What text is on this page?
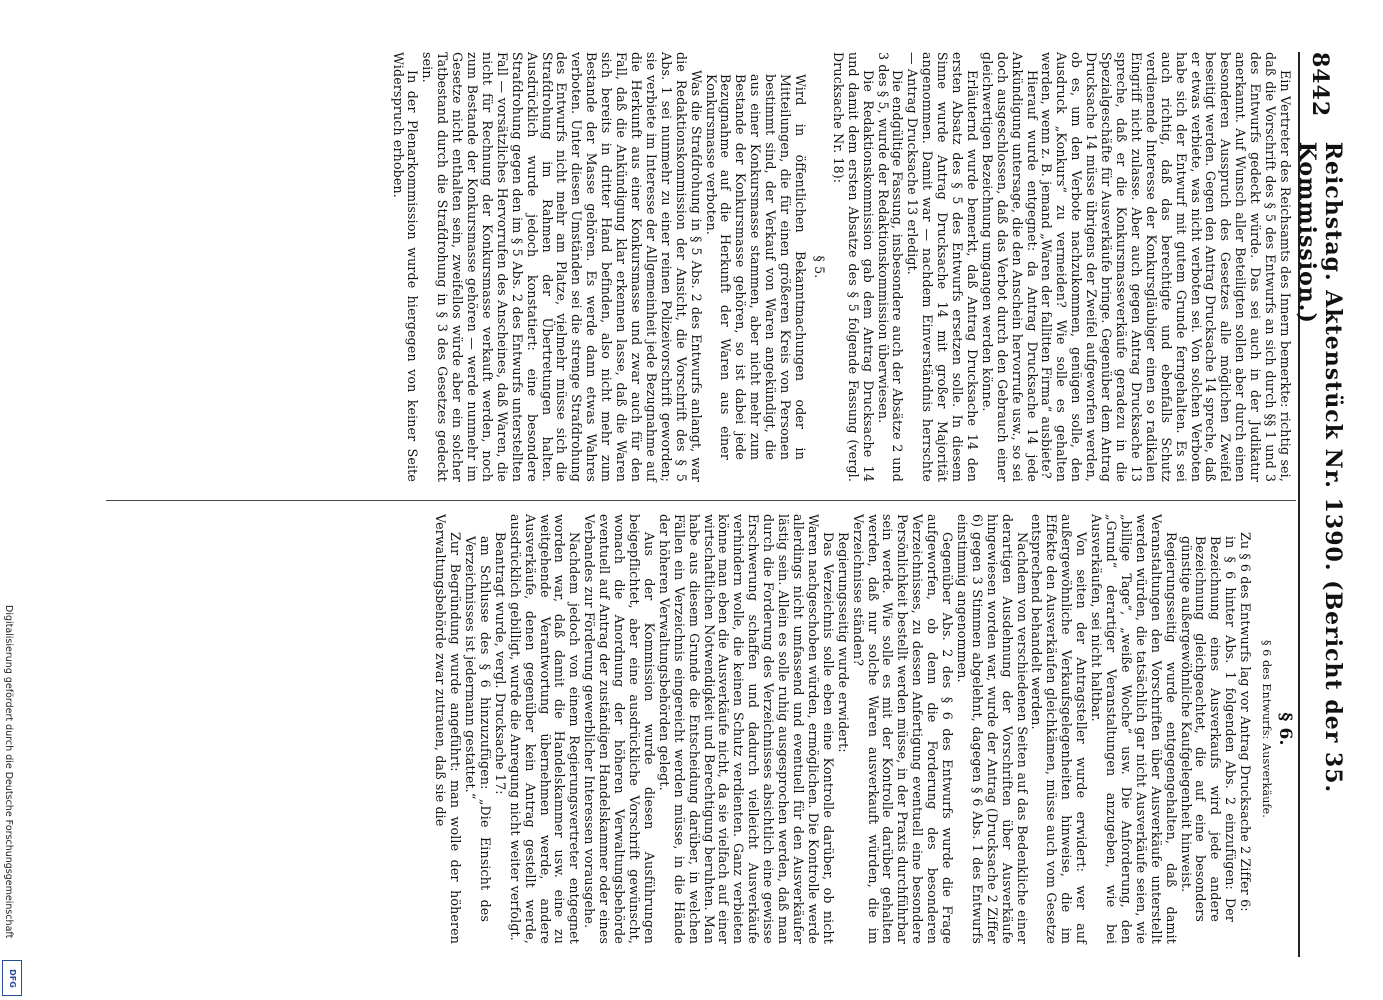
8442
Reichstag. Aktenstück Nr. 1390. (Bericht der 35. Kommission.)

Ein Vertreter des Reichsamts des Innern bemerkte: richtig sei, daß die Vorschrift des § 5 des Entwurfs an sich durch §§ 1 und 3 des Entwurfs gedeckt würde. Das sei auch in der Judikatur anerkannt. Auf Wunsch aller Beteiligten sollen aber durch einen besonderen Ausspruch des Gesetzes alle möglichen Zweifel beseitigt werden. Gegen den Antrag Drucksache 14 spreche, daß er etwas verbiete, was nicht verboten sei. Von solchen Verboten habe sich der Entwurf mit gutem Grunde ferngehalten. Es sei auch richtig, daß das berechtigte und ebenfalls Schutz verdienende Interesse der Konkursgläubiger einen so radikalen Eingriff nicht zulasse. Aber auch gegen Antrag Drucksache 13 spreche, daß er die Konkursmasseverkäufe geradezu in die Spezialgeschäfte für Ausverkäufe bringe. Gegenüber dem Antrag Drucksache 14 müsse übrigens der Zweifel aufgeworfen werden, ob es, um den Verbote nachzukommen, genügen solle, den Ausdruck „Konkurs“ zu vermeiden? Wie solle es gehalten werden, wenn z. B. jemand „Waren der fallitten Firma“ ausbiete?

Hierauf wurde entgegnet: da Antrag Drucksache 14 jede Ankündigung untersage, die den Anschein hervorrufe usw., so sei doch ausgeschlossen, daß das Verbot durch den Gebrauch einer gleichwertigen Bezeichnung umgangen werden könne.

Erläuternd wurde bemerkt, daß Antrag Drucksache 14 den ersten Absatz des § 5 des Entwurfs ersetzen solle. In diesem Sinne wurde Antrag Drucksache 14 mit großer Majorität angenommen. Damit war — nachdem Einverständnis herrschte — Antrag Drucksache 13 erledigt.

Die endgültige Fassung, insbesondere auch der Absätze 2 und 3 des § 5, wurde der Redaktionskommission überwiesen.

Die Redaktionskommission gab dem Antrag Drucksache 14 und damit dem ersten Absatze des § 5 folgende Fassung (vergl. Drucksache Nr. 18):

§ 5.

Wird in öffentlichen Bekanntmachungen oder in Mitteilungen, die für einen größeren Kreis von Personen bestimmt sind, der Verkauf von Waren angekündigt, die aus einer Konkursmasse stammen, aber nicht mehr zum Bestande der Konkursmasse gehören, so ist dabei jede Bezugnahme auf die Herkunft der Waren aus einer Konkursmasse verboten.

Was die Strafdrohung in § 5 Abs. 2 des Entwurfs anlangt, war die Redaktionskommission der Ansicht, die Vorschrift des § 5 Abs. 1 sei nunmehr zu einer reinen Polizeivorschrift geworden; sie verbiete im Interesse der Allgemeinheit jede Bezugnahme auf die Herkunft aus einer Konkursmasse und zwar auch für den Fall, daß die Ankündigung klar erkennen lasse, daß die Waren sich bereits in dritter Hand befinden, also nicht mehr zum Bestande der Masse gehören. Es werde dann etwas Wahres verboten. Unter diesen Umständen sei die strenge Strafdrohung des Entwurfs nicht mehr am Platze, vielmehr müsse sich die Strafdrohung im Rahmen der Übertretungen halten. Ausdrücklich wurde jedoch konstatiert: eine besondere Strafdrohung gegen den im § 5 Abs. 2 des Entwurfs unterstellten Fall — vorsätzliches Hervorrufen des Anscheines, daß Waren, die nicht für Rechnung der Konkursmasse verkauft werden, noch zum Bestande der Konkursmasse gehören — werde nunmehr im Gesetze nicht enthalten sein, zweifellos würde aber ein solcher Tatbestand durch die Strafdrohung in § 3 des Gesetzes gedeckt sein.

In der Plenarkommission wurde hiergegen von keiner Seite Widerspruch erhoben.

§ 6.
§ 6 des Entwurfs: Ausverkäufe.

Zu § 6 des Entwurfs lag vor Antrag Drucksache 2 Ziffer 6:

in § 6 hinter Abs. 1 folgenden Abs. 2 einzufügen: Der Bezeichnung eines Ausverkaufs wird jede andere Bezeichnung gleichgeachtet, die auf eine besonders günstige außergewöhnliche Kaufgelegenheit hinweist.

Regierungsseitig wurde entgegengehalten, daß damit Veranstaltungen den Vorschriften über Ausverkäufe unterstellt werden würden, die tatsächlich gar nicht Ausverkäufe seien, wie „billige Tage“, „weiße Woche“ usw. Die Anforderung, den „Grund“ derartiger Veranstaltungen anzugeben, wie bei Ausverkäufen, sei nicht haltbar.

Von seiten der Antragsteller wurde erwidert: wer auf außergewöhnliche Verkaufsgelegenheiten hinweise, die im Effekte den Ausverkäufen gleichkämen, müsse auch vom Gesetze entsprechend behandelt werden.

Nachdem von verschiedenen Seiten auf das Bedenkliche einer derartigen Ausdehnung der Vorschriften über Ausverkäufe hingewiesen worden war, wurde der Antrag (Drucksache 2 Ziffer 6) gegen 3 Stimmen abgelehnt, dagegen § 6 Abs. 1 des Entwurfs einstimmig angenommen.

Gegenüber Abs. 2 des § 6 des Entwurfs wurde die Frage aufgeworfen, ob denn die Forderung des besonderen Verzeichnisses, zu dessen Anfertigung eventuell eine besondere Persönlichkeit bestellt werden müsse, in der Praxis durchführbar sein werde. Wie solle es mit der Kontrolle darüber gehalten werden, daß nur solche Waren ausverkauft würden, die im Verzeichnisse ständen?

Regierungsseitig wurde erwidert:

Das Verzeichnis solle eben eine Kontrolle darüber, ob nicht Waren nachgeschoben würden, ermöglichen. Die Kontrolle werde allerdings nicht umfassend und eventuell für den Ausverkäufer lästig sein. Allein es solle ruhig ausgesprochen werden, daß man durch die Forderung des Verzeichnisses absichtlich eine gewisse Erschwerung schaffen und dadurch vielleicht Ausverkäufe verhindern wolle, die keinen Schutz verdienten. Ganz verbieten könne man eben die Ausverkäufe nicht, da sie vielfach auf einer wirtschaftlichen Notwendigkeit und Berechtigung beruhten. Man habe aus diesem Grunde die Entscheidung darüber, in welchen Fällen ein Verzeichnis eingereicht werden müsse, in die Hände der höheren Verwaltungsbehörden gelegt.

Aus der Kommission wurde diesen Ausführungen beigepflichtet, aber eine ausdrückliche Vorschrift gewünscht, wonach die Anordnung der höheren Verwaltungsbehörde eventuell auf Antrag der zuständigen Handelskammer oder eines Verbandes zur Förderung gewerblicher Interessen vorausgehe.

Nachdem jedoch von einem Regierungsvertreter entgegnet worden war, daß damit die Handelskammer usw. eine zu weitgehende Verantwortung übernehmen werde, andere Ausverkäufe, denen gegenüber kein Antrag gestellt werde, ausdrücklich gebilligt, wurde die Anregung nicht weiter verfolgt.

Beantragt wurde, vergl. Drucksache 17:

am Schlusse des § 6 hinzuzufügen: „Die Einsicht des Verzeichnisses ist jedermann gestattet.“

Zur Begründung wurde angeführt: man wolle der höheren Verwaltungsbehörde zwar zutrauen, daß sie die

Digitalisierung gefördert durch die Deutsche Forschungsgemeinschaft
DFG
